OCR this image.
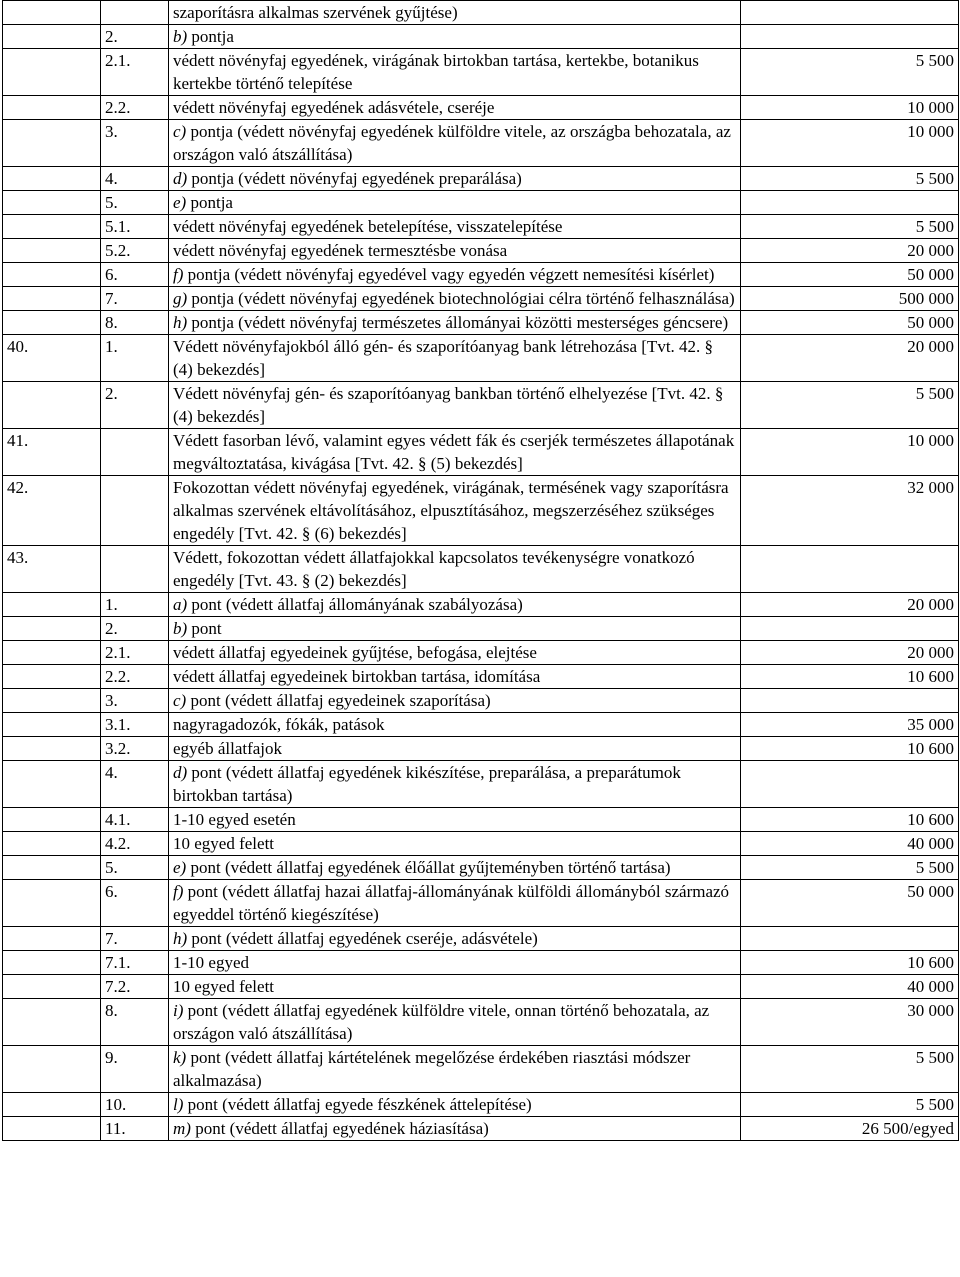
		szaporításra alkalmas szervének gyűjtése)	
	2.	b) pontja	
	2.1.	védett növényfaj egyedének, virágának birtokban tartása, kertekbe, botanikus kertekbe történő telepítése	5 500
	2.2.	védett növényfaj egyedének adásvétele, cseréje	10 000
	3.	c) pontja (védett növényfaj egyedének külföldre vitele, az országba behozatala, az országon való átszállítása)	10 000
	4.	d) pontja (védett növényfaj egyedének preparálása)	5 500
	5.	e) pontja	
	5.1.	védett növényfaj egyedének betelepítése, visszatelepítése	5 500
	5.2.	védett növényfaj egyedének termesztésbe vonása	20 000
	6.	f) pontja (védett növényfaj egyedével vagy egyedén végzett nemesítési kísérlet)	50 000
	7.	g) pontja (védett növényfaj egyedének biotechnológiai célra történő felhasználása)	500 000
	8.	h) pontja (védett növényfaj természetes állományai közötti mesterséges géncsere)	50 000
40.	1.	Védett növényfajokból álló gén- és szaporítóanyag bank létrehozása [Tvt. 42. § (4) bekezdés]	20 000
	2.	Védett növényfaj gén- és szaporítóanyag bankban történő elhelyezése [Tvt. 42. § (4) bekezdés]	5 500
41.		Védett fasorban lévő, valamint egyes védett fák és cserjék természetes állapotának megváltoztatása, kivágása [Tvt. 42. § (5) bekezdés]	10 000
42.		Fokozottan védett növényfaj egyedének, virágának, termésének vagy szaporításra alkalmas szervének eltávolításához, elpusztításához, megszerzéséhez szükséges engedély [Tvt. 42. § (6) bekezdés]	32 000
43.		Védett, fokozottan védett állatfajokkal kapcsolatos tevékenységre vonatkozó engedély [Tvt. 43. § (2) bekezdés]	
	1.	a) pont (védett állatfaj állományának szabályozása)	20 000
	2.	b) pont	
	2.1.	védett állatfaj egyedeinek gyűjtése, befogása, elejtése	20 000
	2.2.	védett állatfaj egyedeinek birtokban tartása, idomítása	10 600
	3.	c) pont (védett állatfaj egyedeinek szaporítása)	
	3.1.	nagyragadozók, fókák, patások	35 000
	3.2.	egyéb állatfajok	10 600
	4.	d) pont (védett állatfaj egyedének kikészítése, preparálása, a preparátumok birtokban tartása)	
	4.1.	1-10 egyed esetén	10 600
	4.2.	10 egyed felett	40 000
	5.	e) pont (védett állatfaj egyedének élőállat gyűjteményben történő tartása)	5 500
	6.	f) pont (védett állatfaj hazai állatfaj-állományának külföldi állományból származó egyeddel történő kiegészítése)	50 000
	7.	h) pont (védett állatfaj egyedének cseréje, adásvétele)	
	7.1.	1-10 egyed	10 600
	7.2.	10 egyed felett	40 000
	8.	i) pont (védett állatfaj egyedének külföldre vitele, onnan történő behozatala, az országon való átszállítása)	30 000
	9.	k) pont (védett állatfaj kártételének megelőzése érdekében riasztási módszer alkalmazása)	5 500
	10.	l) pont (védett állatfaj egyede fészkének áttelepítése)	5 500
	11.	m) pont (védett állatfaj egyedének háziasítása)	26 500/egyed
